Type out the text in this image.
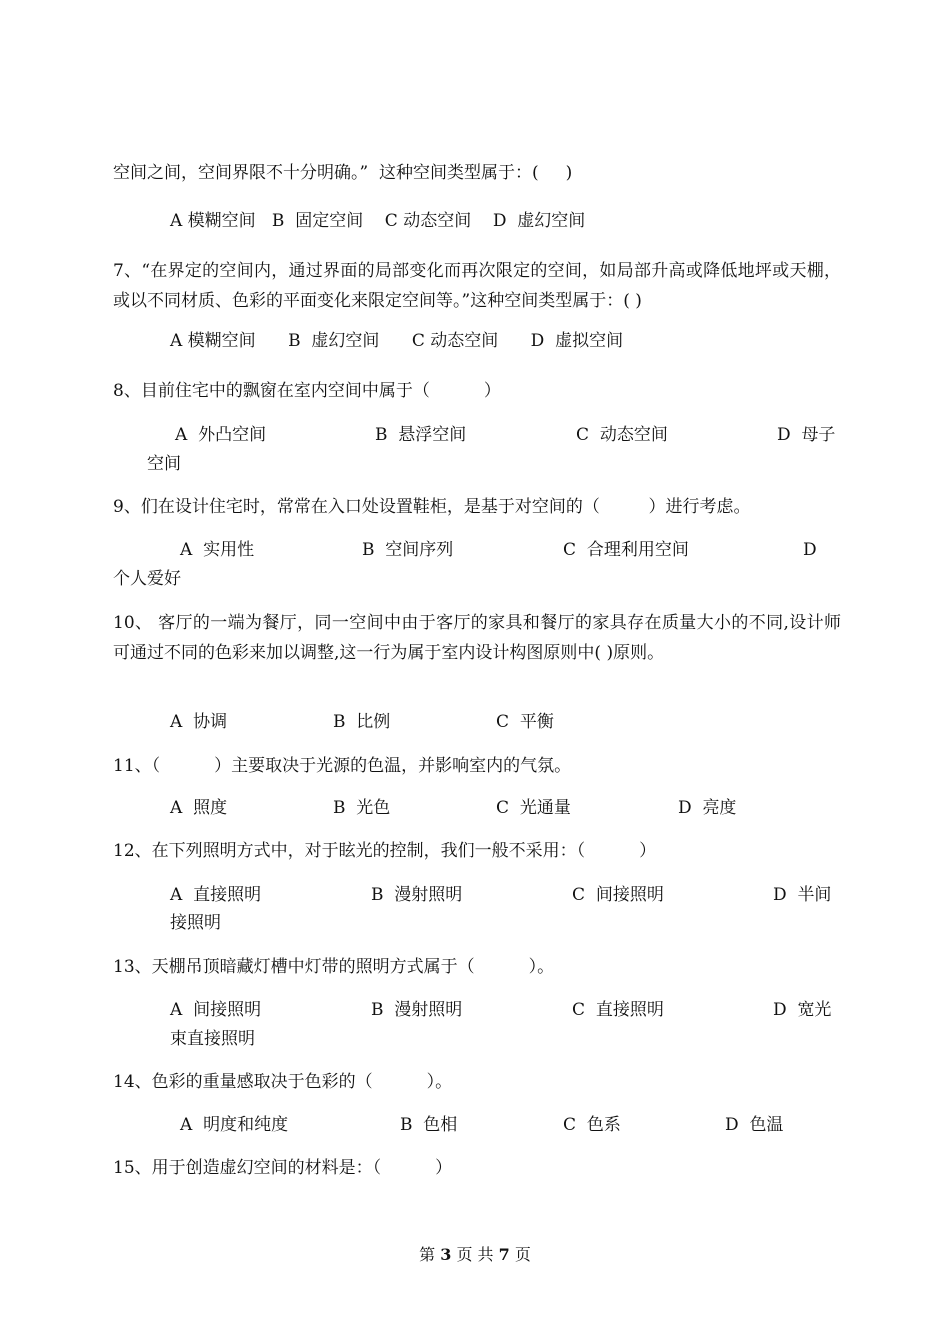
空间之间，空间界限不十分明确。”  这种空间类型属于：(     )
A 模糊空间   B  固定空间    C 动态空间    D  虚幻空间
7、“在界定的空间内，通过界面的局部变化而再次限定的空间，如局部升高或降低地坪或天棚，或以不同材质、色彩的平面变化来限定空间等。”这种空间类型属于：( )
A 模糊空间      B  虚幻空间      C 动态空间      D  虚拟空间
8、目前住宅中的飘窗在室内空间中属于（          ）
A  外凸空间	B  悬浮空间	C  动态空间	D  母子
空间
9、们在设计住宅时，常常在入口处设置鞋柜，是基于对空间的（         ）进行考虑。
A  实用性	B  空间序列	C  合理利用空间	D
个人爱好
10、 客厅的一端为餐厅，同一空间中由于客厅的家具和餐厅的家具存在质量大小的不同,设计师可通过不同的色彩来加以调整,这一行为属于室内设计构图原则中( )原则。
A  协调	B  比例	C  平衡
11、（          ）主要取决于光源的色温，并影响室内的气氛。
A  照度	B  光色	C  光通量	D  亮度
12、在下列照明方式中，对于眩光的控制，我们一般不采用：（          ）
A  直接照明	B  漫射照明	C  间接照明	D  半间
接照明
13、天棚吊顶暗藏灯槽中灯带的照明方式属于（          ）。
A  间接照明	B  漫射照明	C  直接照明	D  宽光
束直接照明
14、色彩的重量感取决于色彩的（          ）。
A  明度和纯度	B  色相	C  色系	D  色温
15、用于创造虚幻空间的材料是：（          ）
第 3 页 共 7 页
